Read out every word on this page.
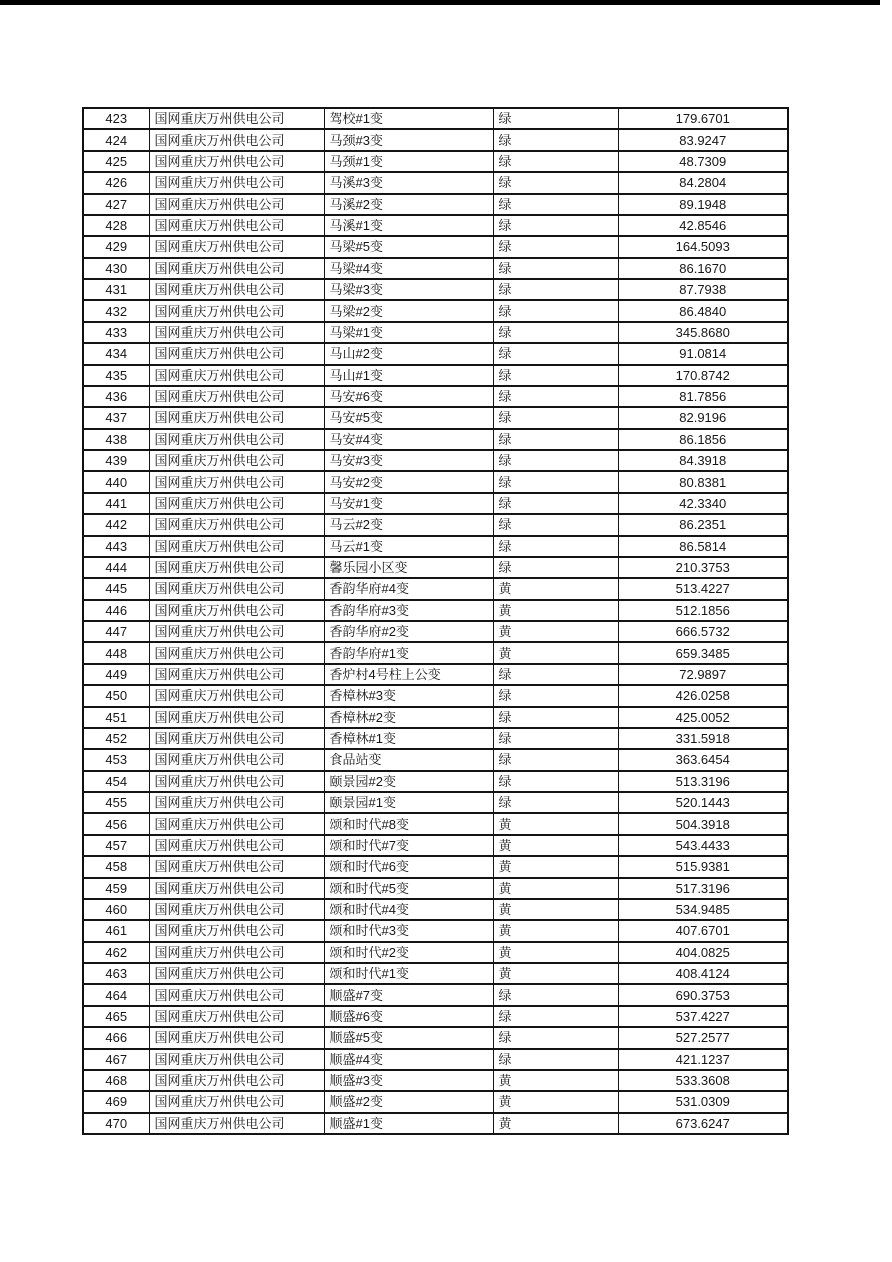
423	国网重庆万州供电公司	驾校#1变	绿	179.6701
424	国网重庆万州供电公司	马颈#3变	绿	83.9247
425	国网重庆万州供电公司	马颈#1变	绿	48.7309
426	国网重庆万州供电公司	马溪#3变	绿	84.2804
427	国网重庆万州供电公司	马溪#2变	绿	89.1948
428	国网重庆万州供电公司	马溪#1变	绿	42.8546
429	国网重庆万州供电公司	马梁#5变	绿	164.5093
430	国网重庆万州供电公司	马梁#4变	绿	86.1670
431	国网重庆万州供电公司	马梁#3变	绿	87.7938
432	国网重庆万州供电公司	马梁#2变	绿	86.4840
433	国网重庆万州供电公司	马梁#1变	绿	345.8680
434	国网重庆万州供电公司	马山#2变	绿	91.0814
435	国网重庆万州供电公司	马山#1变	绿	170.8742
436	国网重庆万州供电公司	马安#6变	绿	81.7856
437	国网重庆万州供电公司	马安#5变	绿	82.9196
438	国网重庆万州供电公司	马安#4变	绿	86.1856
439	国网重庆万州供电公司	马安#3变	绿	84.3918
440	国网重庆万州供电公司	马安#2变	绿	80.8381
441	国网重庆万州供电公司	马安#1变	绿	42.3340
442	国网重庆万州供电公司	马云#2变	绿	86.2351
443	国网重庆万州供电公司	马云#1变	绿	86.5814
444	国网重庆万州供电公司	馨乐园小区变	绿	210.3753
445	国网重庆万州供电公司	香韵华府#4变	黄	513.4227
446	国网重庆万州供电公司	香韵华府#3变	黄	512.1856
447	国网重庆万州供电公司	香韵华府#2变	黄	666.5732
448	国网重庆万州供电公司	香韵华府#1变	黄	659.3485
449	国网重庆万州供电公司	香炉村4号柱上公变	绿	72.9897
450	国网重庆万州供电公司	香樟林#3变	绿	426.0258
451	国网重庆万州供电公司	香樟林#2变	绿	425.0052
452	国网重庆万州供电公司	香樟林#1变	绿	331.5918
453	国网重庆万州供电公司	食品站变	绿	363.6454
454	国网重庆万州供电公司	颐景园#2变	绿	513.3196
455	国网重庆万州供电公司	颐景园#1变	绿	520.1443
456	国网重庆万州供电公司	颂和时代#8变	黄	504.3918
457	国网重庆万州供电公司	颂和时代#7变	黄	543.4433
458	国网重庆万州供电公司	颂和时代#6变	黄	515.9381
459	国网重庆万州供电公司	颂和时代#5变	黄	517.3196
460	国网重庆万州供电公司	颂和时代#4变	黄	534.9485
461	国网重庆万州供电公司	颂和时代#3变	黄	407.6701
462	国网重庆万州供电公司	颂和时代#2变	黄	404.0825
463	国网重庆万州供电公司	颂和时代#1变	黄	408.4124
464	国网重庆万州供电公司	顺盛#7变	绿	690.3753
465	国网重庆万州供电公司	顺盛#6变	绿	537.4227
466	国网重庆万州供电公司	顺盛#5变	绿	527.2577
467	国网重庆万州供电公司	顺盛#4变	绿	421.1237
468	国网重庆万州供电公司	顺盛#3变	黄	533.3608
469	国网重庆万州供电公司	顺盛#2变	黄	531.0309
470	国网重庆万州供电公司	顺盛#1变	黄	673.6247
